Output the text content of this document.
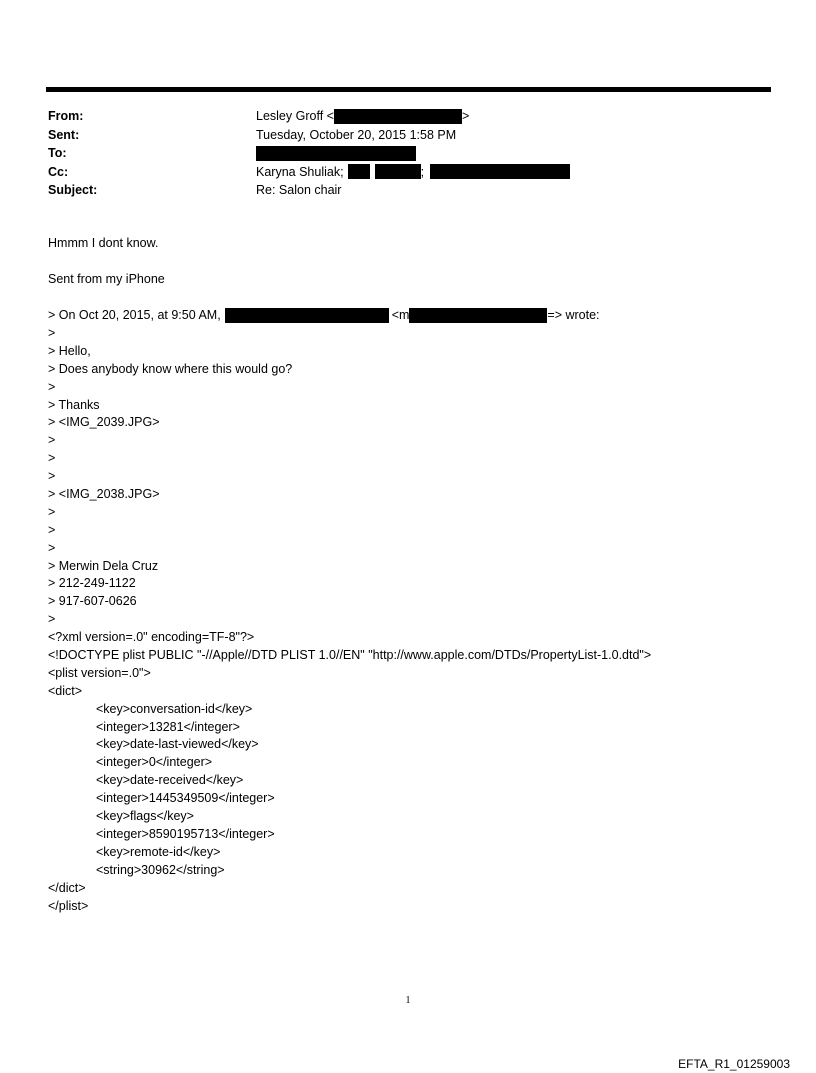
From:	Lesley Groff <	>
Sent:	Tuesday, October 20, 2015 1:58 PM
To:
Cc:	Karyna Shuliak;	;
Subject:	Re: Salon chair
Hmmm I dont know.
Sent from my iPhone
> On Oct 20, 2015, at 9:50 AM,	<m	=> wrote:
>
> Hello,
> Does anybody know where this would go?
>
> Thanks
> <IMG_2039.JPG>
>
>
>
> <IMG_2038.JPG>
>
>
>
> Merwin Dela Cruz
> 212-249-1122
> 917-607-0626
>
<?xml version=.0" encoding=TF-8"?>
<!DOCTYPE plist PUBLIC "-//Apple//DTD PLIST 1.0//EN" "http://www.apple.com/DTDs/PropertyList-1.0.dtd">
<plist version=.0">
<dict>
<key>conversation-id</key>
<integer>13281</integer>
<key>date-last-viewed</key>
<integer>0</integer>
<key>date-received</key>
<integer>1445349509</integer>
<key>flags</key>
<integer>8590195713</integer>
<key>remote-id</key>
<string>30962</string>
</dict>
</plist>
1
EFTA_R1_01259003
